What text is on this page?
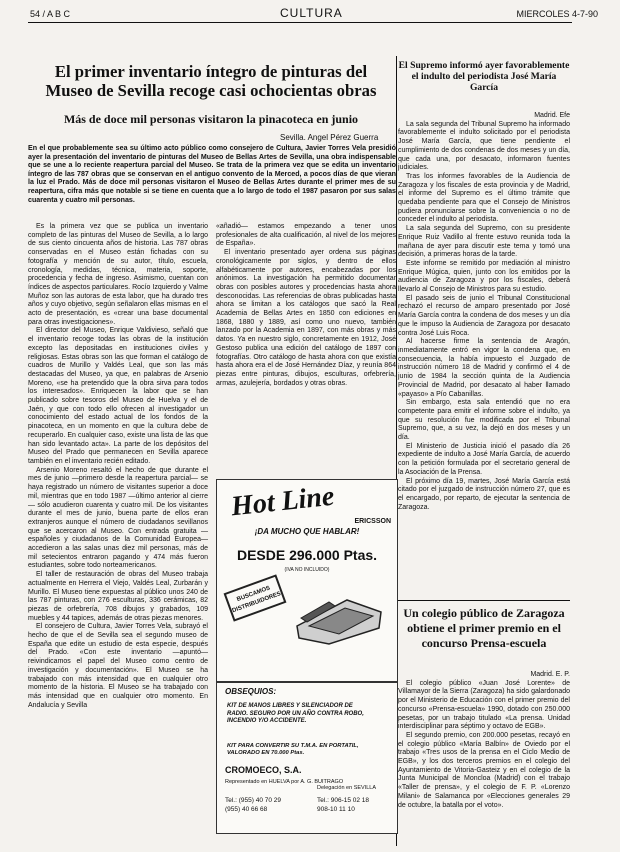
54 / A B C	CULTURA	MIERCOLES 4-7-90
El primer inventario íntegro de pinturas del Museo de Sevilla recoge casi ochocientas obras
Más de doce mil personas visitaron la pinacoteca en junio
Sevilla. Angel Pérez Guerra
En el que probablemente sea su último acto público como consejero de Cultura, Javier Torres Vela presidió ayer la presentación del inventario de pinturas del Museo de Bellas Artes de Sevilla, una obra indispensable que se une a lo reciente reapertura parcial del Museo. Se trata de la primera vez que se edita un inventario íntegro de las 787 obras que se conservan en el antiguo convento de la Merced, a pocos días de que vieran la luz el Prado. Más de doce mil personas visitaron el Museo de Bellas Artes durante el primer mes de su reapertura, cifra más que notable si se tiene en cuenta que a lo largo de todo el 1987 pasaron por sus salas cuarenta y cuatro mil personas.

Es la primera vez que se publica un inventario completo de las pinturas del Museo de Sevilla, a lo largo de sus ciento cincuenta años de historia. Las 787 obras conservadas en el Museo están fichadas con su fotografía y mención de su autor, título, escuela, cronología, medidas, técnica, materia, soporte, procedencia y fecha de ingreso. Asimismo, cuentan con índices de aspectos particulares. Rocío Izquierdo y Valme Muñoz son las autoras de esta labor, que ha durado tres años y cuyo objetivo, según señalaron ellas mismas en el acto de presentación, es «crear una base documental para otras investigaciones».

El director del Museo, Enrique Valdivieso, señaló que el inventario recoge todas las obras de la institución excepto las depositadas en instituciones civiles y religiosas. Estas obras son las que forman el catálogo de cuadros de Murillo y Valdés Leal, que son las más destacadas del Museo, ya que, en palabras de Arsenio Moreno, «se ha pretendido que la obra sirva para todos los interesados». Enriquecen la labor que se han publicado sobre tesoros del Museo de Huelva y el de Jaén, y que con todo ello ofrecen al investigador un conocimiento del estado actual de los fondos de la pinacoteca, en un momento en que la cultura debe de recuperarlo. En cualquier caso, existe una lista de las que han sido levantado acta». La parte de los depósitos del Museo del Prado que permanecen en Sevilla aparece también en el inventario recién editado.

Arsenio Moreno resaltó el hecho de que durante el mes de junio —primero desde la reapertura parcial— se haya registrado un número de visitantes superior a doce mil, mientras que en todo 1987 —último anterior al cierre— sólo acudieron cuarenta y cuatro mil. De los visitantes durante el mes de junio, buena parte de ellos eran extranjeros aunque el número de ciudadanos sevillanos que se acercaron al Museo. Con entrada gratuita —españoles y ciudadanos de la Comunidad Europea— accedieron a las salas unas diez mil personas, más de mil setecientos entraron pagando y 474 más fueron estudiantes, sobre todo norteamericanos.

El taller de restauración de obras del Museo trabaja actualmente en Herrera el Viejo, Valdés Leal, Zurbarán y Murillo. El Museo tiene expuestas al público unos 240 de las 787 pinturas, con 276 esculturas, 336 cerámicas, 82 piezas de orfebrería, 708 dibujos y grabados, 109 muebles y 44 tapices, además de otras piezas menores.

El consejero de Cultura, Javier Torres Vela, subrayó el hecho de que el de Sevilla sea el segundo museo de España que edite un estudio de esta especie, después del Prado. «Con este inventario —apuntó— reivindicamos el papel del Museo como centro de investigación y documentación». El Museo se ha trabajado con más intensidad que en cualquier otro momento de la historia. El Museo se ha trabajado con más intensidad que en cualquier otro momento. En Andalucía y Sevilla

«añadió— estamos empezando a tener unos profesionales de alta cualificación, al nivel de los mejores de España».

El inventario presentado ayer ordena sus páginas cronológicamente por siglos, y dentro de ellos alfabéticamente por autores, encabezadas por los anónimos. La investigación ha permitido documentar obras con posibles autores y procedencias hasta ahora desconocidas. Las referencias de obras publicadas hasta ahora se limitan a los catálogos que sacó la Real Academia de Bellas Artes en 1850 con ediciones en 1868, 1880 y 1889, así como uno nuevo, también lanzado por la Academia en 1897, con más obras y más datos. Ya en nuestro siglo, concretamente en 1912, José Gestoso publica una edición del catálogo de 1897 con fotografías. Otro catálogo de hasta ahora con que existía hasta ahora era el de José Hernández Díaz, y reunía 864 piezas entre pinturas, dibujos, esculturas, orfebrería, armas, azulejería, bordados y otras obras.

Hot Line	ERICSSON
¡DA MUCHO QUE HABLAR!
DESDE 296.000 Ptas.
(IVA NO INCLUIDO)
BUSCAMOS DISTRIBUIDORES
OBSEQUIOS:
KIT DE MANOS LIBRES Y SILENCIADOR DE RADIO. SEGURO POR UN AÑO CONTRA ROBO, INCENDIO Y/O ACCIDENTE.
KIT PARA CONVERTIR SU T.M.A. EN PORTATIL, VALORADO EN 70.000 Ptas.
CROMOECO, S.A.
Representado en HUELVA por A. G. BUITRAGO
Delegación en SEVILLA
Tel.: (955) 40 70 29
(955) 40 66 68
Tel.: 906-15 02 18
908-10 11 10
El Supremo informó ayer favorablemente el indulto del periodista José María García
Madrid. Efe

La sala segunda del Tribunal Supremo ha informado favorablemente el indulto solicitado por el periodista José María García, que tiene pendiente el cumplimiento de dos condenas de dos meses y un día, que cada una, por desacato, informaron fuentes judiciales.

Tras los informes favorables de la Audiencia de Zaragoza y los fiscales de esta provincia y de Madrid, el informe del Supremo es el último trámite que quedaba pendiente para que el Consejo de Ministros pudiera pronunciarse sobre la conveniencia o no de conceder el indulto al periodista.

La sala segunda del Supremo, con su presidente Enrique Ruiz Vadillo al frente estuvo reunida toda la mañana de ayer para discutir este tema y tomó una decisión, a primeras horas de la tarde.

Este informe se remitido por mediación al ministro Enrique Múgica, quien, junto con los emitidos por la audiencia de Zaragoza y por los fiscales, deberá llevarlo al Consejo de Ministros para su estudio.

El pasado seis de junio el Tribunal Constitucional rechazó el recurso de amparo presentado por José María García contra la condena de dos meses y un día que le impuso la Audiencia de Zaragoza por desacato contra José Luis Roca.

Al hacerse firme la sentencia de Aragón, inmediatamente entró en vigor la condena que, en consecuencia, la había impuesto el Juzgado de instrucción número 18 de Madrid y confirmó el 4 de junio de 1984 la sección quinta de la Audiencia Provincial de Madrid, por desacato al haber llamado «payaso» a Pío Cabanillas.

Sin embargo, esta sala entendió que no era competente para emitir el informe sobre el indulto, ya que su resolución fue modificada por el Tribunal Supremo, que, a su vez, la dejó en dos meses y un día.

El Ministerio de Justicia inició el pasado día 26 expediente de indulto a José María García, de acuerdo con la petición formulada por el secretario general de la Asociación de la Prensa.

El próximo día 19, martes, José María García está citado por el juzgado de instrucción número 27, que es el encargado, por reparto, de ejecutar la sentencia de Zaragoza.

Un colegio público de Zaragoza obtiene el primer premio en el concurso Prensa-escuela
Madrid. E. P.

El colegio público «Juan José Lorente» de Villamayor de la Sierra (Zaragoza) ha sido galardonado por el Ministerio de Educación con el primer premio del concurso «Prensa-escuela» 1990, dotado con 250.000 pesetas, por un trabajo titulado «La prensa. Unidad interdisciplinar para séptimo y octavo de EGB».

El segundo premio, con 200.000 pesetas, recayó en el colegio público «María Balbín» de Oviedo por el trabajo «Tres usos de la prensa en el Ciclo Medio de EGB», y los dos terceros premios en el colegio del Ayuntamiento de Vitoria-Gasteiz y en el colegio de la Junta Municipal de Moncloa (Madrid) con el trabajo «Taller de prensa», y el colegio de F. P. «Lorenzo Milani» de Salamanca por «Elecciones generales 29 de octubre, la batalla por el voto».
